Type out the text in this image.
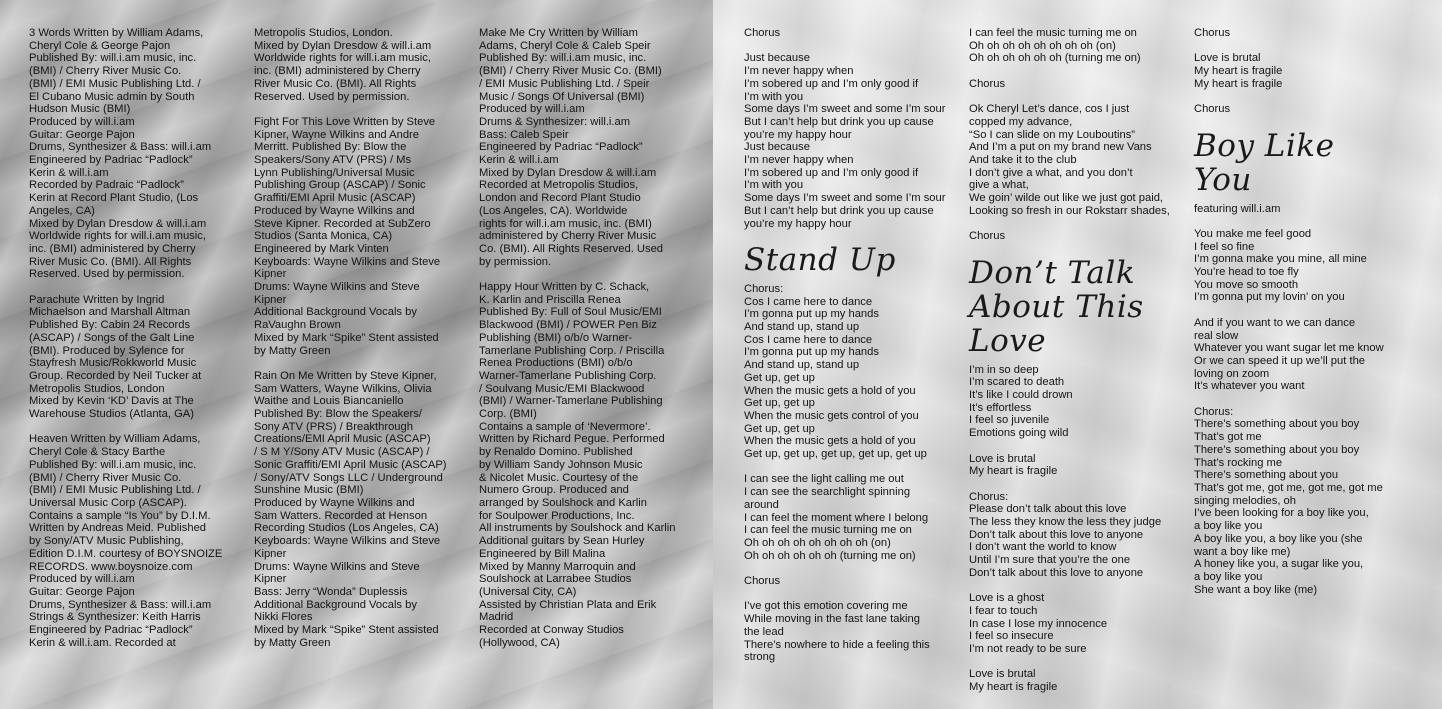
3 Words Written by William Adams,
Cheryl Cole & George Pajon
Published By: will.i.am music, inc.
(BMI) / Cherry River Music Co.
(BMI) / EMI Music Publishing Ltd. /
El Cubano Music admin by South
Hudson Music (BMI)
Produced by will.i.am
Guitar: George Pajon
Drums, Synthesizer & Bass: will.i.am
Engineered by Padriac “Padlock”
Kerin & will.i.am
Recorded by Padraic “Padlock”
Kerin at Record Plant Studio, (Los
Angeles, CA)
Mixed by Dylan Dresdow & will.i.am
Worldwide rights for will.i.am music,
inc. (BMI) administered by Cherry
River Music Co. (BMI). All Rights
Reserved. Used by permission.
Parachute Written by Ingrid
Michaelson and Marshall Altman
Published By: Cabin 24 Records
(ASCAP) / Songs of the Galt Line
(BMI). Produced by Sylence for
Stayfresh Music/Rokkworld Music
Group. Recorded by Neil Tucker at
Metropolis Studios, London
Mixed by Kevin ‘KD’ Davis at The
Warehouse Studios (Atlanta, GA)
Heaven Written by William Adams,
Cheryl Cole & Stacy Barthe
Published By: will.i.am music, inc.
(BMI) / Cherry River Music Co.
(BMI) / EMI Music Publishing Ltd. /
Universal Music Corp (ASCAP).
Contains a sample “Is You” by D.I.M.
Written by Andreas Meid. Published
by Sony/ATV Music Publishing,
Edition D.I.M. courtesy of BOYSNOIZE
RECORDS. www.boysnoize.com
Produced by will.i.am
Guitar: George Pajon
Drums, Synthesizer & Bass: will.i.am
Strings & Synthesizer: Keith Harris
Engineered by Padriac “Padlock”
Kerin & will.i.am. Recorded at
Metropolis Studios, London.
Mixed by Dylan Dresdow & will.i.am
Worldwide rights for will.i.am music,
inc. (BMI) administered by Cherry
River Music Co. (BMI). All Rights
Reserved. Used by permission.
Fight For This Love Written by Steve
Kipner, Wayne Wilkins and Andre
Merritt. Published By: Blow the
Speakers/Sony ATV (PRS) / Ms
Lynn Publishing/Universal Music
Publishing Group (ASCAP) / Sonic
Graffiti/EMI April Music (ASCAP)
Produced by Wayne Wilkins and
Steve Kipner. Recorded at SubZero
Studios (Santa Monica, CA)
Engineered by Mark Vinten
Keyboards: Wayne Wilkins and Steve
Kipner
Drums: Wayne Wilkins and Steve
Kipner
Additional Background Vocals by
RaVaughn Brown
Mixed by Mark “Spike” Stent assisted
by Matty Green
Rain On Me Written by Steve Kipner,
Sam Watters, Wayne Wilkins, Olivia
Waithe and Louis Biancaniello
Published By: Blow the Speakers/
Sony ATV (PRS) / Breakthrough
Creations/EMI April Music (ASCAP)
/ S M Y/Sony ATV Music (ASCAP) /
Sonic Graffiti/EMI April Music (ASCAP)
/ Sony/ATV Songs LLC / Underground
Sunshine Music (BMI)
Produced by Wayne Wilkins and
Sam Watters. Recorded at Henson
Recording Studios (Los Angeles, CA)
Keyboards: Wayne Wilkins and Steve
Kipner
Drums: Wayne Wilkins and Steve
Kipner
Bass: Jerry “Wonda” Duplessis
Additional Background Vocals by
Nikki Flores
Mixed by Mark “Spike” Stent assisted
by Matty Green
Make Me Cry Written by William
Adams, Cheryl Cole & Caleb Speir
Published By: will.i.am music, inc.
(BMI) / Cherry River Music Co. (BMI)
/ EMI Music Publishing Ltd. / Speir
Music / Songs Of Universal (BMI)
Produced by will.i.am
Drums & Synthesizer: will.i.am
Bass: Caleb Speir
Engineered by Padriac “Padlock”
Kerin & will.i.am
Mixed by Dylan Dresdow & will.i.am
Recorded at Metropolis Studios,
London and Record Plant Studio
(Los Angeles, CA). Worldwide
rights for will.i.am music, inc. (BMI)
administered by Cherry River Music
Co. (BMI). All Rights Reserved. Used
by permission.
Happy Hour Written by C. Schack,
K. Karlin and Priscilla Renea
Published By: Full of Soul Music/EMI
Blackwood (BMI) / POWER Pen Biz
Publishing (BMI) o/b/o Warner-
Tamerlane Publishing Corp. / Priscilla
Renea Productions (BMI) o/b/o
Warner-Tamerlane Publishing Corp.
/ Soulvang Music/EMI Blackwood
(BMI) / Warner-Tamerlane Publishing
Corp. (BMI)
Contains a sample of ‘Nevermore’.
Written by Richard Pegue. Performed
by Renaldo Domino. Published
by William Sandy Johnson Music
& Nicolet Music. Courtesy of the
Numero Group. Produced and
arranged by Soulshock and Karlin
for Soulpower Productions, Inc.
All instruments by Soulshock and Karlin
Additional guitars by Sean Hurley
Engineered by Bill Malina
Mixed by Manny Marroquin and
Soulshock at Larrabee Studios
(Universal City, CA)
Assisted by Christian Plata and Erik
Madrid
Recorded at Conway Studios
(Hollywood, CA)
Chorus
Just because
I’m never happy when
I’m sobered up and I’m only good if
I’m with you
Some days I’m sweet and some I’m sour
But I can’t help but drink you up cause
you’re my happy hour
Just because
I’m never happy when
I’m sobered up and I’m only good if
I’m with you
Some days I’m sweet and some I’m sour
But I can’t help but drink you up cause
you’re my happy hour
Stand Up
Chorus:
Cos I came here to dance
I’m gonna put up my hands
And stand up, stand up
Cos I came here to dance
I’m gonna put up my hands
And stand up, stand up
Get up, get up
When the music gets a hold of you
Get up, get up
When the music gets control of you
Get up, get up
When the music gets a hold of you
Get up, get up, get up, get up, get up
I can see the light calling me out
I can see the searchlight spinning
around
I can feel the moment where I belong
I can feel the music turning me on
Oh oh oh oh oh oh oh oh (on)
Oh oh oh oh oh oh (turning me on)
Chorus
I’ve got this emotion covering me
While moving in the fast lane taking
the lead
There’s nowhere to hide a feeling this
strong
I can feel the music turning me on
Oh oh oh oh oh oh oh oh (on)
Oh oh oh oh oh oh (turning me on)
Chorus
Ok Cheryl Let’s dance, cos I just
copped my advance,
“So I can slide on my Louboutins”
And I’m a put on my brand new Vans
And take it to the club
I don’t give a what, and you don’t
give a what,
We goin’ wilde out like we just got paid,
Looking so fresh in our Rokstarr shades,
Chorus
Don’t Talk
About This Love
I’m in so deep
I’m scared to death
It’s like I could drown
It’s effortless
I feel so juvenile
Emotions going wild
Love is brutal
My heart is fragile
Chorus:
Please don’t talk about this love
The less they know the less they judge
Don’t talk about this love to anyone
I don’t want the world to know
Until I’m sure that you’re the one
Don’t talk about this love to anyone
Love is a ghost
I fear to touch
In case I lose my innocence
I feel so insecure
I’m not ready to be sure
Love is brutal
My heart is fragile
Chorus
Love is brutal
My heart is fragile
My heart is fragile
Chorus
Boy Like You
featuring will.i.am
You make me feel good
I feel so fine
I’m gonna make you mine, all mine
You’re head to toe fly
You move so smooth
I’m gonna put my lovin’ on you
And if you want to we can dance
real slow
Whatever you want sugar let me know
Or we can speed it up we’ll put the
loving on zoom
It’s whatever you want
Chorus:
There’s something about you boy
That’s got me
There’s something about you boy
That’s rocking me
There’s something about you
That’s got me, got me, got me, got me
singing melodies, oh
I’ve been looking for a boy like you,
a boy like you
A boy like you, a boy like you (she
want a boy like me)
A honey like you, a sugar like you,
a boy like you
She want a boy like (me)
